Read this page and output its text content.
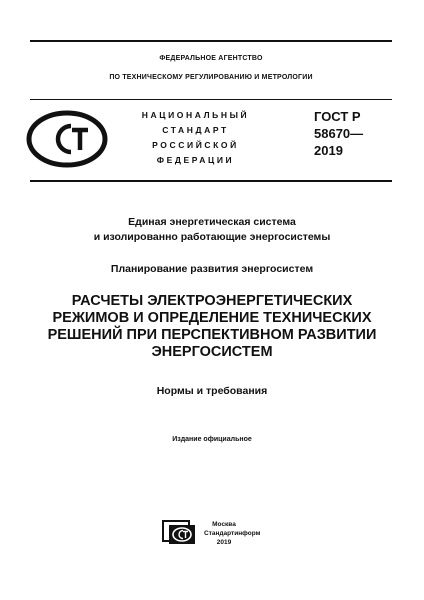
ФЕДЕРАЛЬНОЕ АГЕНТСТВО
ПО ТЕХНИЧЕСКОМУ РЕГУЛИРОВАНИЮ И МЕТРОЛОГИИ
НАЦИОНАЛЬНЫЙ
СТАНДАРТ
РОССИЙСКОЙ
ФЕДЕРАЦИИ
ГОСТ Р
58670—
2019
Единая энергетическая система
и изолированно работающие энергосистемы
Планирование развития энергосистем
РАСЧЕТЫ ЭЛЕКТРОЭНЕРГЕТИЧЕСКИХ
РЕЖИМОВ И ОПРЕДЕЛЕНИЕ ТЕХНИЧЕСКИХ
РЕШЕНИЙ ПРИ ПЕРСПЕКТИВНОМ РАЗВИТИИ
ЭНЕРГОСИСТЕМ
Нормы и требования
Издание официальное
Москва
Стандартинформ
2019
